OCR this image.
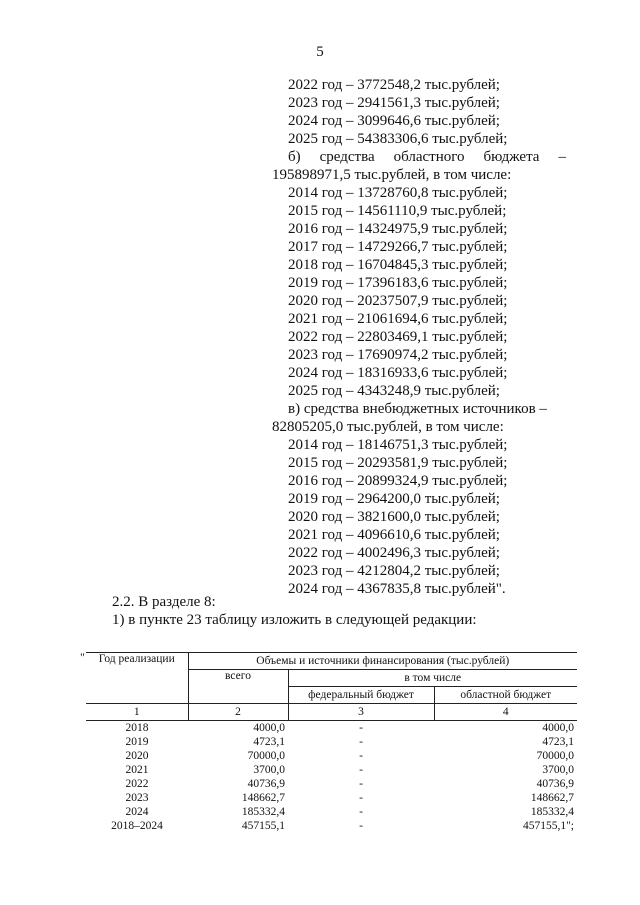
5
2022 год – 3772548,2 тыс.рублей;
2023 год – 2941561,3 тыс.рублей;
2024 год – 3099646,6 тыс.рублей;
2025 год – 54383306,6 тыс.рублей;
б) средства областного бюджета –
195898971,5 тыс.рублей, в том числе:
2014 год – 13728760,8 тыс.рублей;
2015 год – 14561110,9 тыс.рублей;
2016 год – 14324975,9 тыс.рублей;
2017 год – 14729266,7 тыс.рублей;
2018 год – 16704845,3 тыс.рублей;
2019 год – 17396183,6 тыс.рублей;
2020 год – 20237507,9 тыс.рублей;
2021 год – 21061694,6 тыс.рублей;
2022 год – 22803469,1 тыс.рублей;
2023 год – 17690974,2 тыс.рублей;
2024 год – 18316933,6 тыс.рублей;
2025 год – 4343248,9 тыс.рублей;
в) средства внебюджетных источников –
82805205,0 тыс.рублей, в том числе:
2014 год – 18146751,3 тыс.рублей;
2015 год – 20293581,9 тыс.рублей;
2016 год – 20899324,9 тыс.рублей;
2019 год – 2964200,0 тыс.рублей;
2020 год – 3821600,0 тыс.рублей;
2021 год – 4096610,6 тыс.рублей;
2022 год – 4002496,3 тыс.рублей;
2023 год – 4212804,2 тыс.рублей;
2024 год – 4367835,8 тыс.рублей".
2.2. В разделе 8:
1) в пункте 23 таблицу изложить в следующей редакции:
" Год реализации	Объемы и источники финансирования (тыс.рублей)		
	всего	в том числе	
		федеральный бюджет	областной бюджет
1	2	3	4
2018	4000,0	-	4000,0
2019	4723,1	-	4723,1
2020	70000,0	-	70000,0
2021	3700,0	-	3700,0
2022	40736,9	-	40736,9
2023	148662,7	-	148662,7
2024	185332,4	-	185332,4
2018–2024	457155,1	-	457155,1";
